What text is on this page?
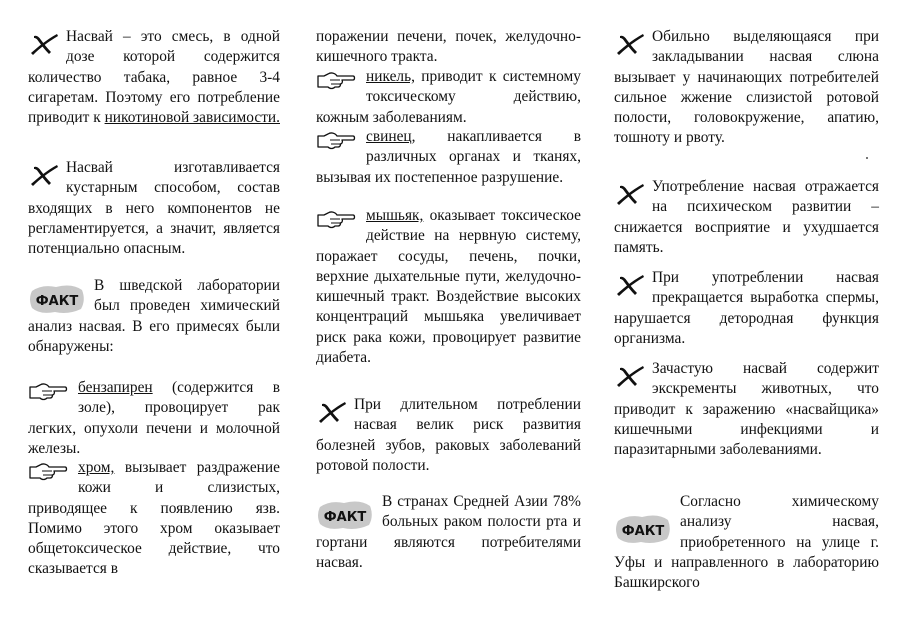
Насвай – это смесь, в одной дозе которой содержится количество табака, равное 3-4 сигаретам. Поэтому его потребление приводит к никотиновой зависимости.

Насвай изготавливается кустарным способом, состав входящих в него компонентов не регламентируется, а значит, является потенциально опасным.

ФАКТ

В шведской лаборатории был проведен химический анализ насвая. В его примесях были обнаружены:

бензапирен (содержится в золе), провоцирует рак легких, опухоли печени и молочной железы.

хром, вызывает раздражение кожи и слизистых, приводящее к появлению язв. Помимо этого хром оказывает общетоксическое действие, что сказывается в

поражении печени, почек, желудочно-кишечного тракта.

никель, приводит к системному токсическому действию, кожным заболеваниям.

свинец, накапливается в различных органах и тканях, вызывая их постепенное разрушение.

мышьяк, оказывает токсическое действие на нервную систему, поражает сосуды, печень, почки, верхние дыхательные пути, желудочно-кишечный тракт. Воздействие высоких концентраций мышьяка увеличивает риск рака кожи, провоцирует развитие диабета.

При длительном потреблении насвая велик риск развития болезней зубов, раковых заболеваний ротовой полости.

ФАКТ

В странах Средней Азии 78% больных раком полости рта и гортани являются потребителями насвая.

Обильно выделяющаяся при закладывании насвая слюна вызывает у начинающих потребителей сильное жжение слизистой ротовой полости, головокружение, апатию, тошноту и рвоту.

Употребление насвая отражается на психическом развитии – снижается восприятие и ухудшается память.

При употреблении насвая прекращается выработка спермы, нарушается детородная функция организма.

Зачастую насвай содержит экскременты животных, что приводит к заражению «насвайщика» кишечными инфекциями и паразитарными заболеваниями.

ФАКТ

Согласно химическому анализу насвая, приобретенного на улице г. Уфы и направленного в лабораторию Башкирского
